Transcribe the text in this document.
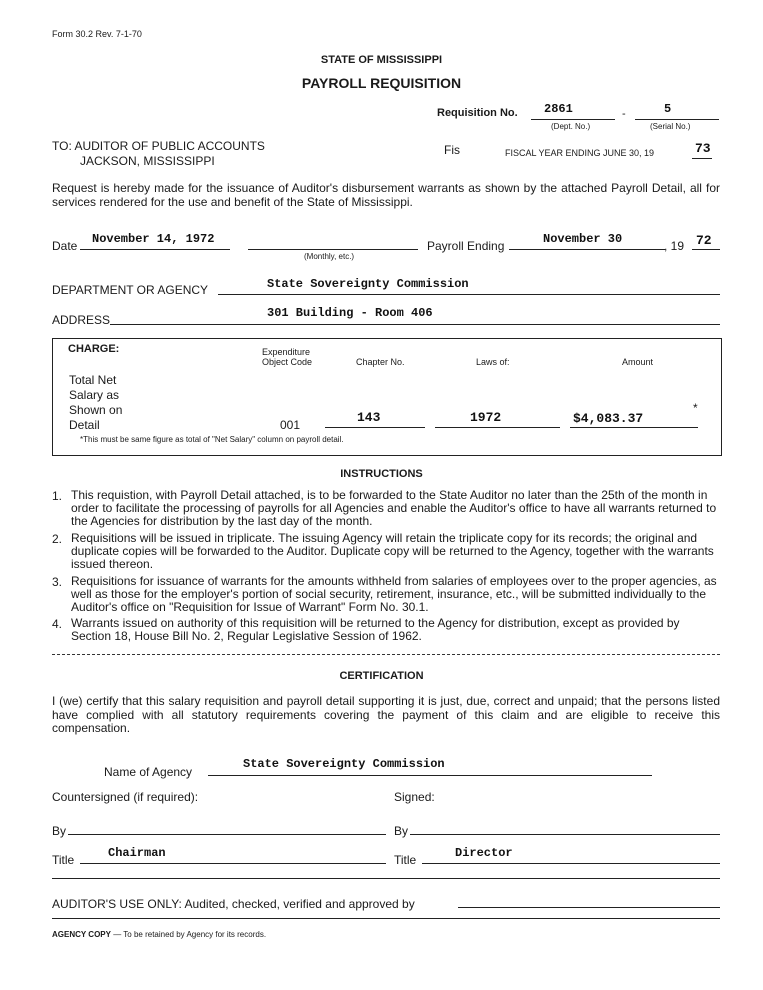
Form 30.2 Rev. 7-1-70
STATE OF MISSISSIPPI
PAYROLL REQUISITION
Requisition No. 2861	-	5
(Dept. No.)	(Serial No.)
TO: AUDITOR OF PUBLIC ACCOUNTS
JACKSON, MISSISSIPPI
Fis	FISCAL YEAR ENDING JUNE 30, 19	73
Request is hereby made for the issuance of Auditor's disbursement warrants as shown by the attached Payroll Detail, all for services rendered for the use and benefit of the State of Mississippi.
Date November 14, 1972
(Monthly, etc.)
Payroll Ending	November 30	, 19 72
DEPARTMENT OR AGENCY	State Sovereignty Commission
ADDRESS	301 Building - Room 406
CHARGE:	Expenditure
Object Code	Chapter No.	Laws of:	Amount
Total Net
Salary as
Shown on
Detail	001	143	1972	$4,083.37
*
*This must be same figure as total of "Net Salary" column on payroll detail.
INSTRUCTIONS
1. This requistion, with Payroll Detail attached, is to be forwarded to the State Auditor no later than the 25th of the month in order to facilitate the processing of payrolls for all Agencies and enable the Auditor's office to have all warrants returned to the Agencies for distribution by the last day of the month.
2. Requisitions will be issued in triplicate. The issuing Agency will retain the triplicate copy for its records; the original and duplicate copies will be forwarded to the Auditor. Duplicate copy will be returned to the Agency, together with the warrants issued thereon.
3. Requisitions for issuance of warrants for the amounts withheld from salaries of employees over to the proper agencies, as well as those for the employer's portion of social security, retirement, insurance, etc., will be submitted individually to the Auditor's office on "Requisition for Issue of Warrant" Form No. 30.1.
4. Warrants issued on authority of this requisition will be returned to the Agency for distribution, except as provided by Section 18, House Bill No. 2, Regular Legislative Session of 1962.
CERTIFICATION
I (we) certify that this salary requisition and payroll detail supporting it is just, due, correct and unpaid; that the persons listed have complied with all statutory requirements covering the payment of this claim and are eligible to receive this compensation.
Name of Agency
State Sovereignty Commission
Countersigned (if required):	Signed:
By	By
Title	Chairman	Title	Director
AUDITOR'S USE ONLY: Audited, checked, verified and approved by
AGENCY COPY — To be retained by Agency for its records.
